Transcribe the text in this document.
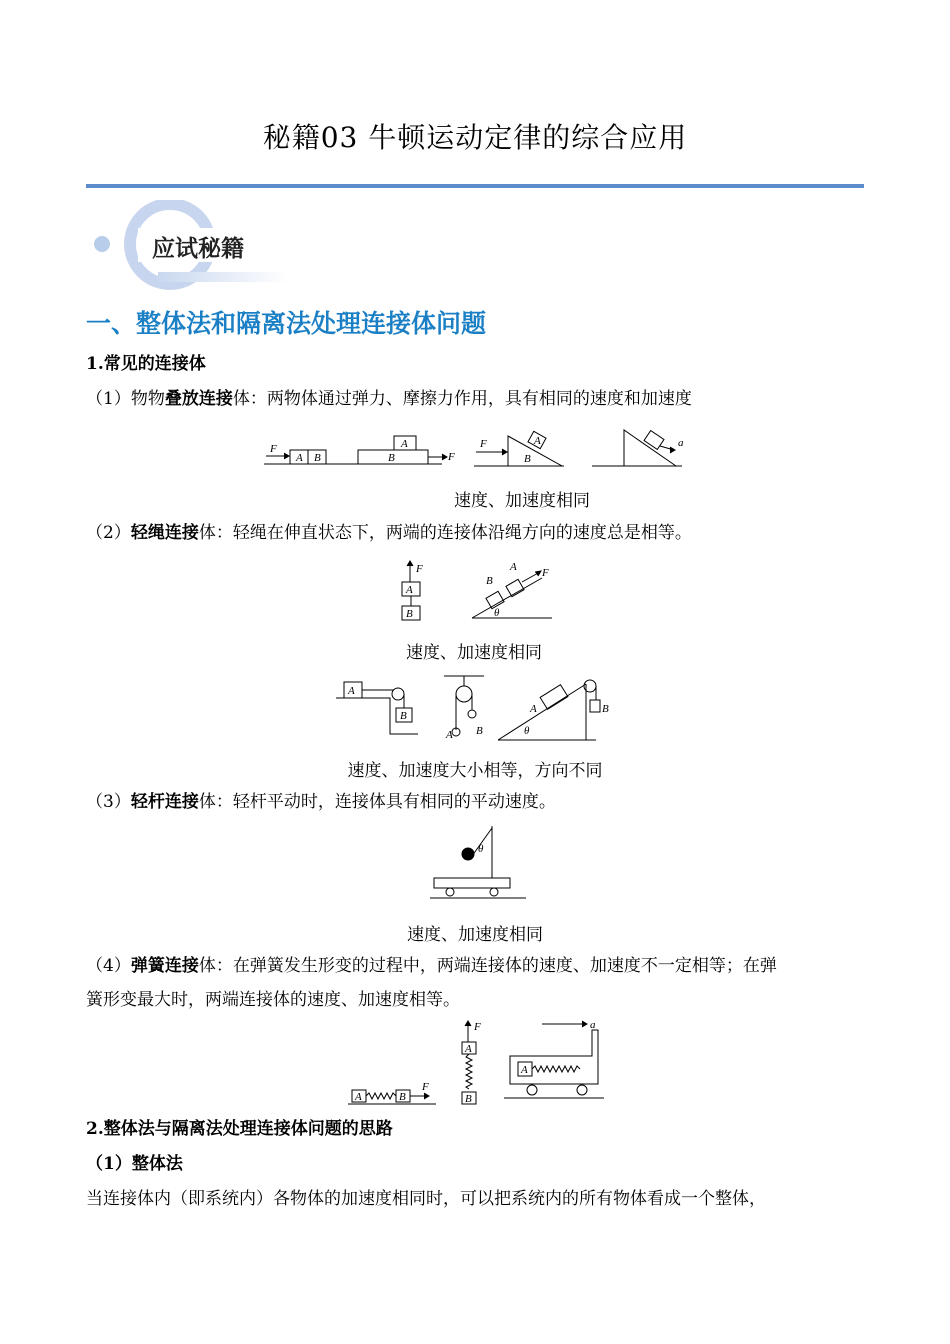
秘籍03 牛顿运动定律的综合应用
应试秘籍
一、整体法和隔离法处理连接体问题
1.常见的连接体
（1）物物叠放连接体：两物体通过弹力、摩擦力作用，具有相同的速度和加速度
F
A B
A
B	F
F	A
B
a
速度、加速度相同
（2）轻绳连接体：轻绳在伸直状态下，两端的连接体沿绳方向的速度总是相等。
F
A
B
B
A F
θ
速度、加速度相同
A
B
A B
A	B
θ
速度、加速度大小相等，方向不同
（3）轻杆连接体：轻杆平动时，连接体具有相同的平动速度。
θ
速度、加速度相同
（4）弹簧连接体：在弹簧发生形变的过程中，两端连接体的速度、加速度不一定相等；在弹
簧形变最大时，两端连接体的速度、加速度相等。
A	B
F
F
A
B
A
a
2.整体法与隔离法处理连接体问题的思路
（1）整体法
当连接体内（即系统内）各物体的加速度相同时，可以把系统内的所有物体看成一个整体，
